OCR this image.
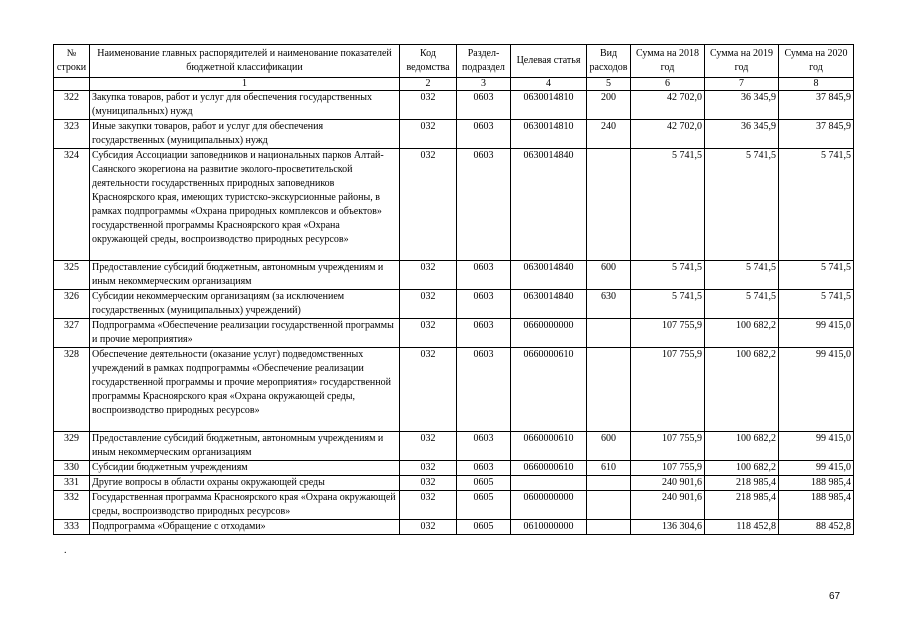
№ строки	Наименование главных распорядителей и наименование показателей бюджетной классификации	Код ведомства	Раздел-подраздел	Целевая статья	Вид расходов	Сумма на 2018 год	Сумма на 2019 год	Сумма на 2020 год
	1	2	3	4	5	6	7	8
322	Закупка товаров, работ и услуг для обеспечения государственных (муниципальных) нужд	032	0603	0630014810	200	42 702,0	36 345,9	37 845,9
323	Иные закупки товаров, работ и услуг для обеспечения государственных (муниципальных) нужд	032	0603	0630014810	240	42 702,0	36 345,9	37 845,9
324	Субсидия Ассоциации заповедников и национальных парков Алтай-Саянского экорегиона на развитие эколого-просветительской деятельности государственных природных заповедников Красноярского края, имеющих туристско-экскурсионные районы, в рамках подпрограммы «Охрана природных комплексов и объектов» государственной программы Красноярского края «Охрана окружающей среды, воспроизводство природных ресурсов»	032	0603	0630014840		5 741,5	5 741,5	5 741,5
325	Предоставление субсидий бюджетным, автономным учреждениям и иным некоммерческим организациям	032	0603	0630014840	600	5 741,5	5 741,5	5 741,5
326	Субсидии некоммерческим организациям (за исключением государственных (муниципальных) учреждений)	032	0603	0630014840	630	5 741,5	5 741,5	5 741,5
327	Подпрограмма «Обеспечение реализации государственной программы и прочие мероприятия»	032	0603	0660000000		107 755,9	100 682,2	99 415,0
328	Обеспечение деятельности (оказание услуг) подведомственных учреждений в рамках подпрограммы «Обеспечение реализации государственной программы и прочие мероприятия» государственной программы Красноярского края «Охрана окружающей среды, воспроизводство природных ресурсов»	032	0603	0660000610		107 755,9	100 682,2	99 415,0
329	Предоставление субсидий бюджетным, автономным учреждениям и иным некоммерческим организациям	032	0603	0660000610	600	107 755,9	100 682,2	99 415,0
330	Субсидии бюджетным учреждениям	032	0603	0660000610	610	107 755,9	100 682,2	99 415,0
331	Другие вопросы в области охраны окружающей среды	032	0605			240 901,6	218 985,4	188 985,4
332	Государственная программа Красноярского края «Охрана окружающей среды, воспроизводство природных ресурсов»	032	0605	0600000000		240 901,6	218 985,4	188 985,4
333	Подпрограмма «Обращение с отходами»	032	0605	0610000000		136 304,6	118 452,8	88 452,8
.
67
